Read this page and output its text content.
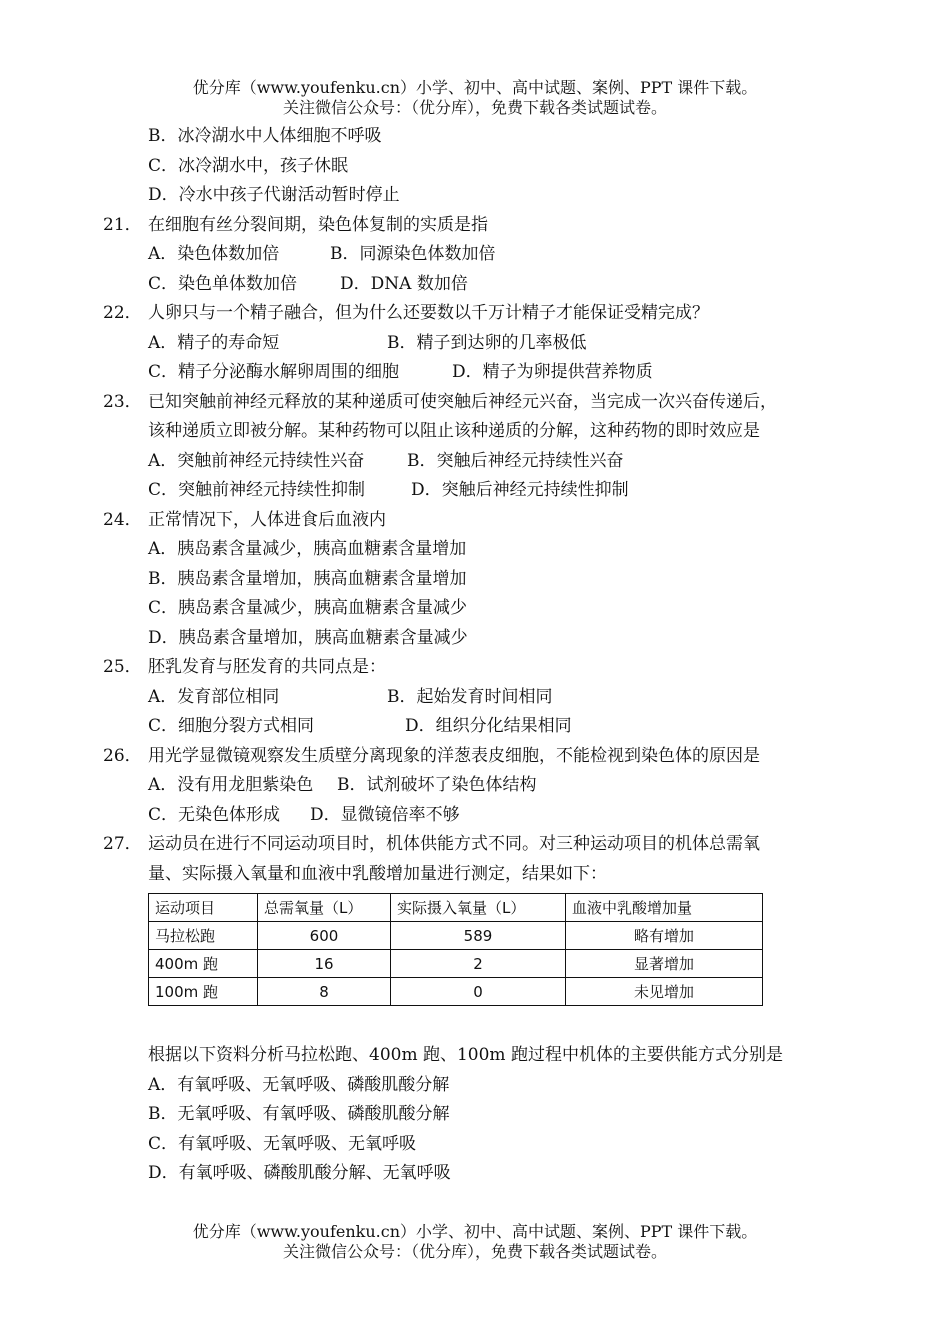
优分库（www.youfenku.cn）小学、初中、高中试题、案例、PPT 课件下载。
关注微信公众号：（优分库），免费下载各类试题试卷。
B．冰冷湖水中人体细胞不呼吸
C．冰冷湖水中，孩子休眠
D．冷水中孩子代谢活动暂时停止
21． 在细胞有丝分裂间期，染色体复制的实质是指
A．染色体数加倍	B．同源染色体数加倍
C．染色单体数加倍	D．DNA 数加倍
22． 人卵只与一个精子融合，但为什么还要数以千万计精子才能保证受精完成？
A．精子的寿命短	B．精子到达卵的几率极低
C．精子分泌酶水解卵周围的细胞	D．精子为卵提供营养物质
23． 已知突触前神经元释放的某种递质可使突触后神经元兴奋，当完成一次兴奋传递后，
该种递质立即被分解。某种药物可以阻止该种递质的分解，这种药物的即时效应是
A．突触前神经元持续性兴奋	B．突触后神经元持续性兴奋
C．突触前神经元持续性抑制	D．突触后神经元持续性抑制
24． 正常情况下，人体进食后血液内
A．胰岛素含量减少，胰高血糖素含量增加
B．胰岛素含量增加，胰高血糖素含量增加
C．胰岛素含量减少，胰高血糖素含量减少
D．胰岛素含量增加，胰高血糖素含量减少
25． 胚乳发育与胚发育的共同点是：
A．发育部位相同	B．起始发育时间相同
C．细胞分裂方式相同	D．组织分化结果相同
26． 用光学显微镜观察发生质壁分离现象的洋葱表皮细胞，不能检视到染色体的原因是
A．没有用龙胆紫染色 B．试剂破坏了染色体结构
C．无染色体形成 D．显微镜倍率不够
27． 运动员在进行不同运动项目时，机体供能方式不同。对三种运动项目的机体总需氧
量、实际摄入氧量和血液中乳酸增加量进行测定，结果如下：
运动项目	总需氧量（L）	实际摄入氧量（L）	血液中乳酸增加量
马拉松跑	600	589	略有增加
400m 跑	16	2	显著增加
100m 跑	8	0	未见增加
根据以下资料分析马拉松跑、400m 跑、100m 跑过程中机体的主要供能方式分别是
A．有氧呼吸、无氧呼吸、磷酸肌酸分解
B．无氧呼吸、有氧呼吸、磷酸肌酸分解
C．有氧呼吸、无氧呼吸、无氧呼吸
D．有氧呼吸、磷酸肌酸分解、无氧呼吸
优分库（www.youfenku.cn）小学、初中、高中试题、案例、PPT 课件下载。
关注微信公众号：（优分库），免费下载各类试题试卷。
